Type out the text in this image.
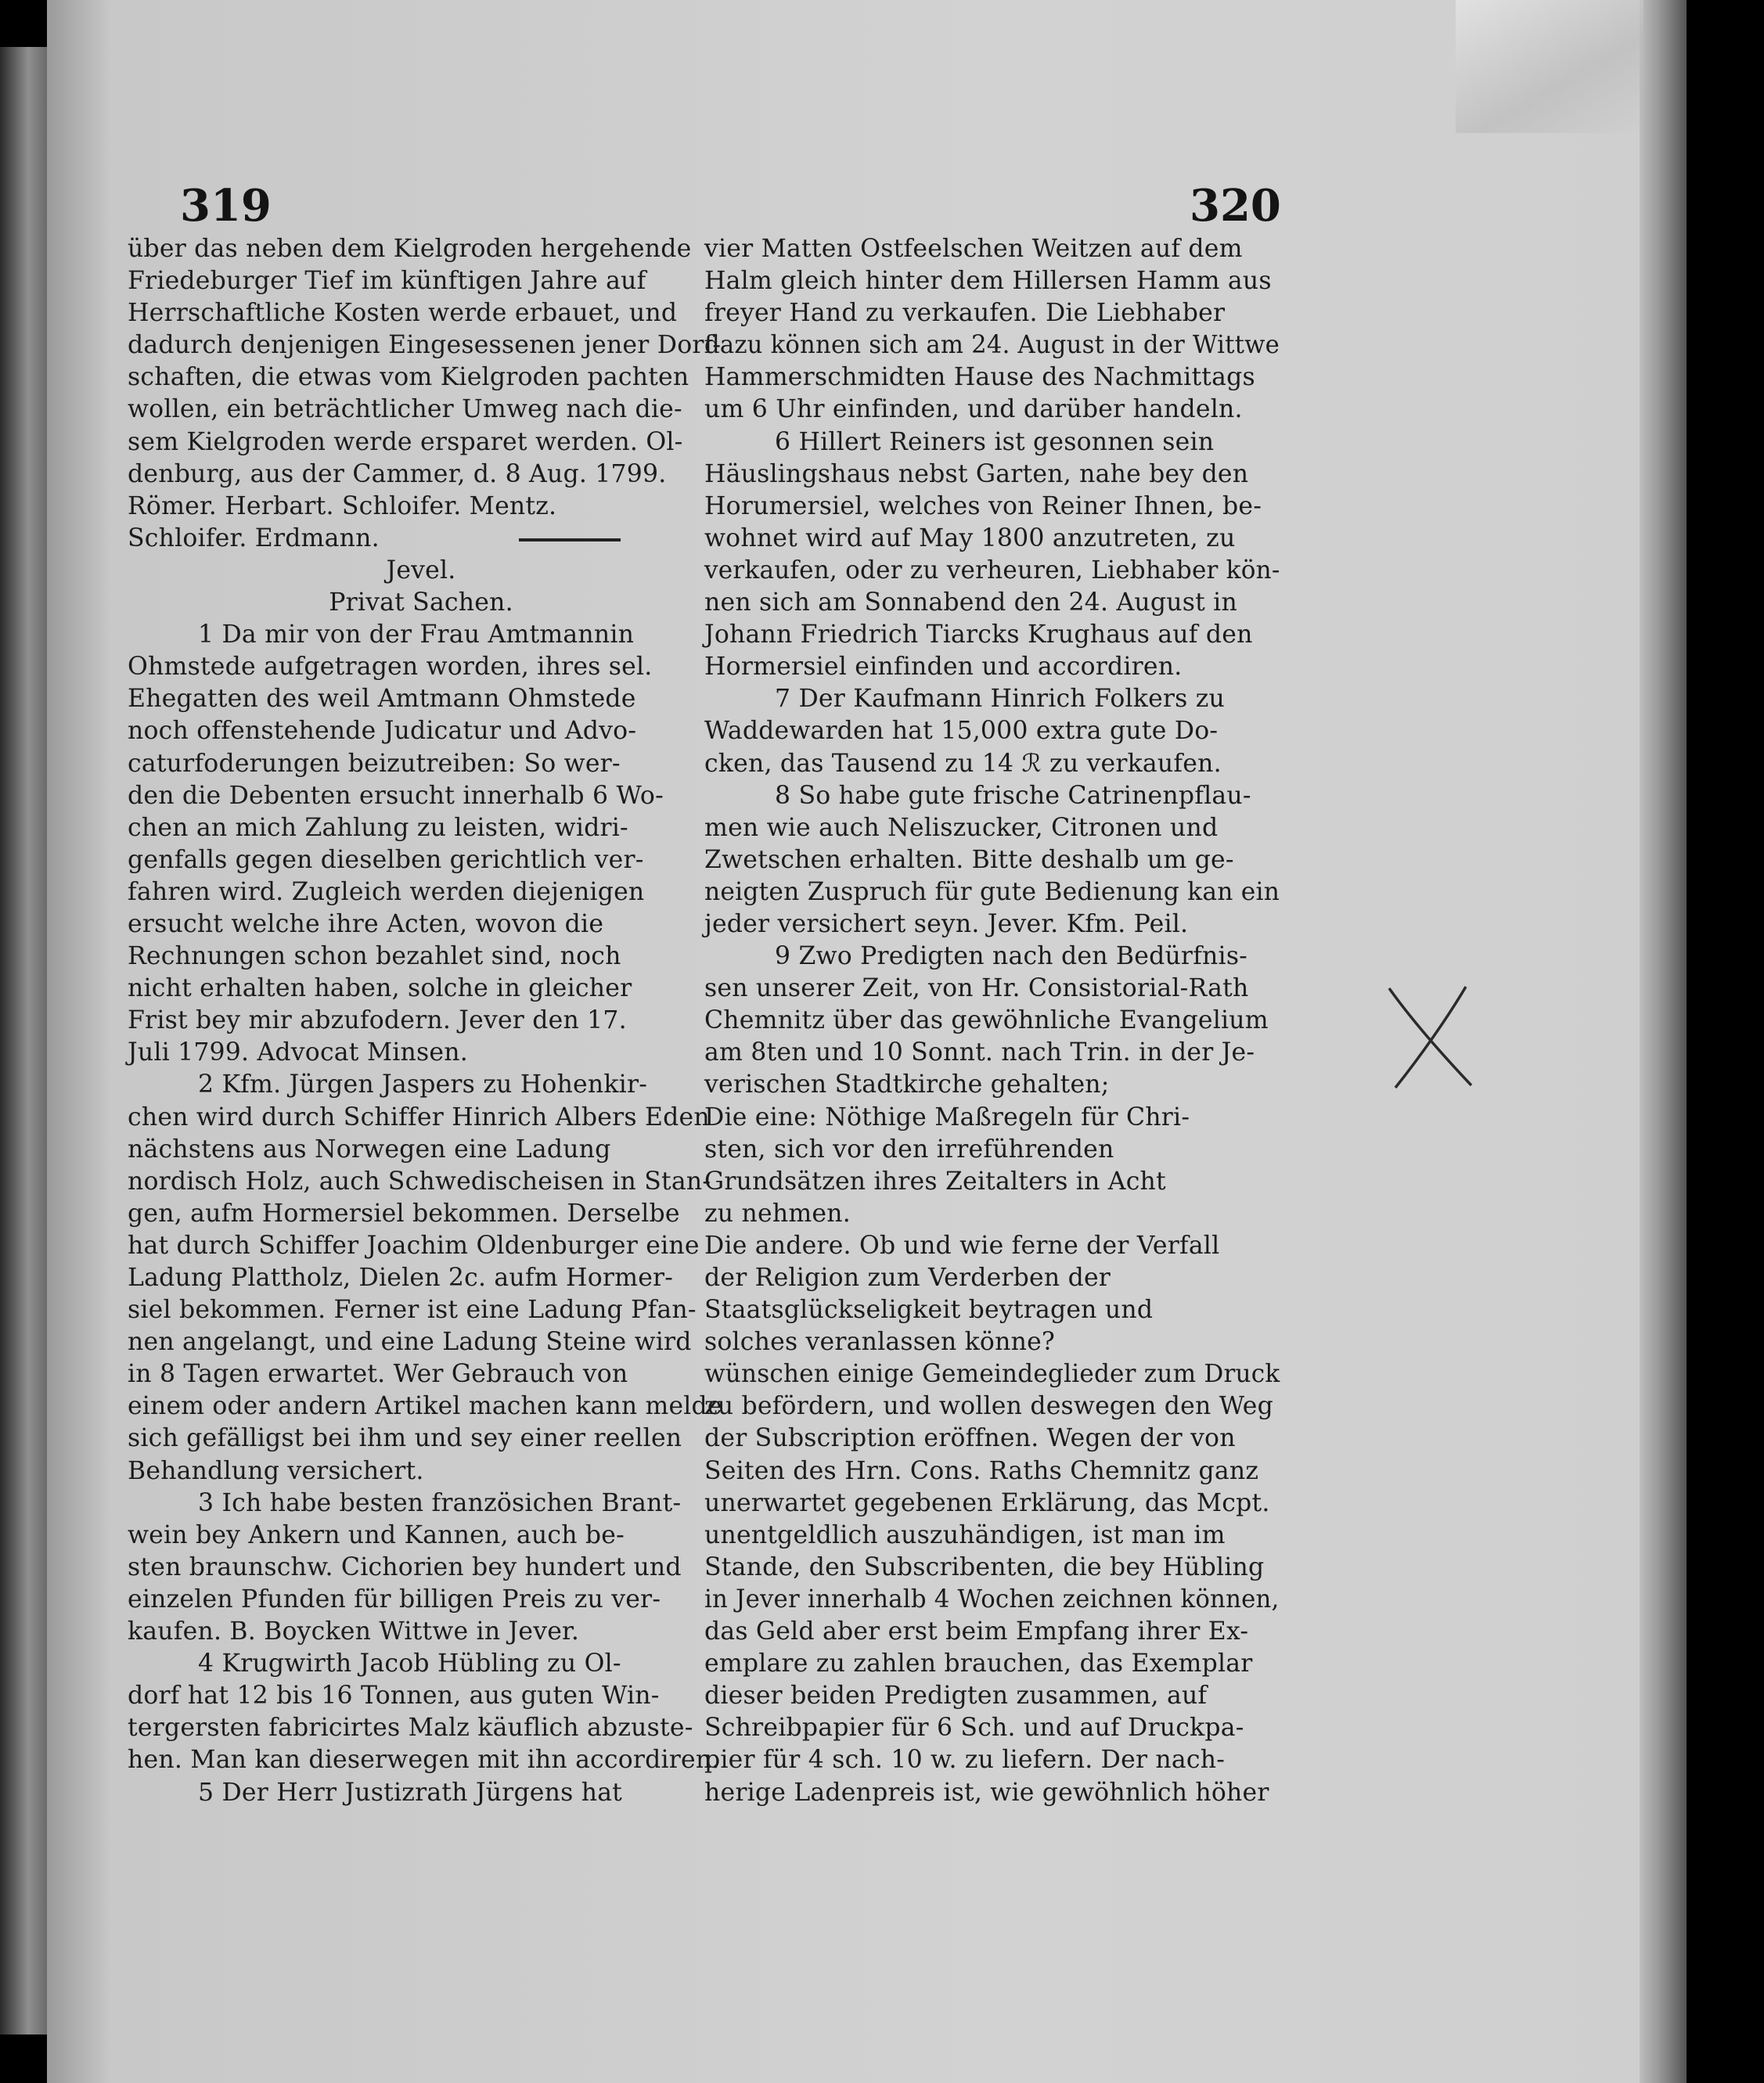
319	320
über das neben dem Kielgroden hergehende
Friedeburger Tief im künftigen Jahre auf
Herrschaftliche Kosten werde erbauet, und
dadurch denjenigen Eingesessenen jener Dorf-
schaften, die etwas vom Kielgroden pachten
wollen, ein beträchtlicher Umweg nach die-
sem Kielgroden werde ersparet werden. Ol-
denburg, aus der Cammer, d. 8 Aug. 1799.
Römer. Herbart. Schloifer. Mentz.
Schloifer. Erdmann.
Jevel.
Privat Sachen.
1 Da mir von der Frau Amtmannin
Ohmstede aufgetragen worden, ihres sel.
Ehegatten des weil Amtmann Ohmstede
noch offenstehende Judicatur und Advo-
caturfoderungen beizutreiben: So wer-
den die Debenten ersucht innerhalb 6 Wo-
chen an mich Zahlung zu leisten, widri-
genfalls gegen dieselben gerichtlich ver-
fahren wird. Zugleich werden diejenigen
ersucht welche ihre Acten, wovon die
Rechnungen schon bezahlet sind, noch
nicht erhalten haben, solche in gleicher
Frist bey mir abzufodern. Jever den 17.
Juli 1799. Advocat Minsen.
2 Kfm. Jürgen Jaspers zu Hohenkir-
chen wird durch Schiffer Hinrich Albers Eden
nächstens aus Norwegen eine Ladung
nordisch Holz, auch Schwedischeisen in Stan-
gen, aufm Hormersiel bekommen. Derselbe
hat durch Schiffer Joachim Oldenburger eine
Ladung Plattholz, Dielen 2c. aufm Hormer-
siel bekommen. Ferner ist eine Ladung Pfan-
nen angelangt, und eine Ladung Steine wird
in 8 Tagen erwartet. Wer Gebrauch von
einem oder andern Artikel machen kann melde
sich gefälligst bei ihm und sey einer reellen
Behandlung versichert.
3 Ich habe besten französichen Brant-
wein bey Ankern und Kannen, auch be-
sten braunschw. Cichorien bey hundert und
einzelen Pfunden für billigen Preis zu ver-
kaufen. B. Boycken Wittwe in Jever.
4 Krugwirth Jacob Hübling zu Ol-
dorf hat 12 bis 16 Tonnen, aus guten Win-
tergersten fabricirtes Malz käuflich abzuste-
hen. Man kan dieserwegen mit ihn accordiren.
5 Der Herr Justizrath Jürgens hat
vier Matten Ostfeelschen Weitzen auf dem
Halm gleich hinter dem Hillersen Hamm aus
freyer Hand zu verkaufen. Die Liebhaber
dazu können sich am 24. August in der Wittwe
Hammerschmidten Hause des Nachmittags
um 6 Uhr einfinden, und darüber handeln.
6 Hillert Reiners ist gesonnen sein
Häuslingshaus nebst Garten, nahe bey den
Horumersiel, welches von Reiner Ihnen, be-
wohnet wird auf May 1800 anzutreten, zu
verkaufen, oder zu verheuren, Liebhaber kön-
nen sich am Sonnabend den 24. August in
Johann Friedrich Tiarcks Krughaus auf den
Hormersiel einfinden und accordiren.
7 Der Kaufmann Hinrich Folkers zu
Waddewarden hat 15,000 extra gute Do-
cken, das Tausend zu 14 ℛ zu verkaufen.
8 So habe gute frische Catrinenpflau-
men wie auch Neliszucker, Citronen und
Zwetschen erhalten. Bitte deshalb um ge-
neigten Zuspruch für gute Bedienung kan ein
jeder versichert seyn. Jever. Kfm. Peil.
9 Zwo Predigten nach den Bedürfnis-
sen unserer Zeit, von Hr. Consistorial-Rath
Chemnitz über das gewöhnliche Evangelium
am 8ten und 10 Sonnt. nach Trin. in der Je-
verischen Stadtkirche gehalten;
Die eine: Nöthige Maßregeln für Chri-
sten, sich vor den irreführenden
Grundsätzen ihres Zeitalters in Acht
zu nehmen.
Die andere. Ob und wie ferne der Verfall
der Religion zum Verderben der
Staatsglückseligkeit beytragen und
solches veranlassen könne?
wünschen einige Gemeindeglieder zum Druck
zu befördern, und wollen deswegen den Weg
der Subscription eröffnen. Wegen der von
Seiten des Hrn. Cons. Raths Chemnitz ganz
unerwartet gegebenen Erklärung, das Mcpt.
unentgeldlich auszuhändigen, ist man im
Stande, den Subscribenten, die bey Hübling
in Jever innerhalb 4 Wochen zeichnen können,
das Geld aber erst beim Empfang ihrer Ex-
emplare zu zahlen brauchen, das Exemplar
dieser beiden Predigten zusammen, auf
Schreibpapier für 6 Sch. und auf Druckpa-
pier für 4 sch. 10 w. zu liefern. Der nach-
herige Ladenpreis ist, wie gewöhnlich höher
